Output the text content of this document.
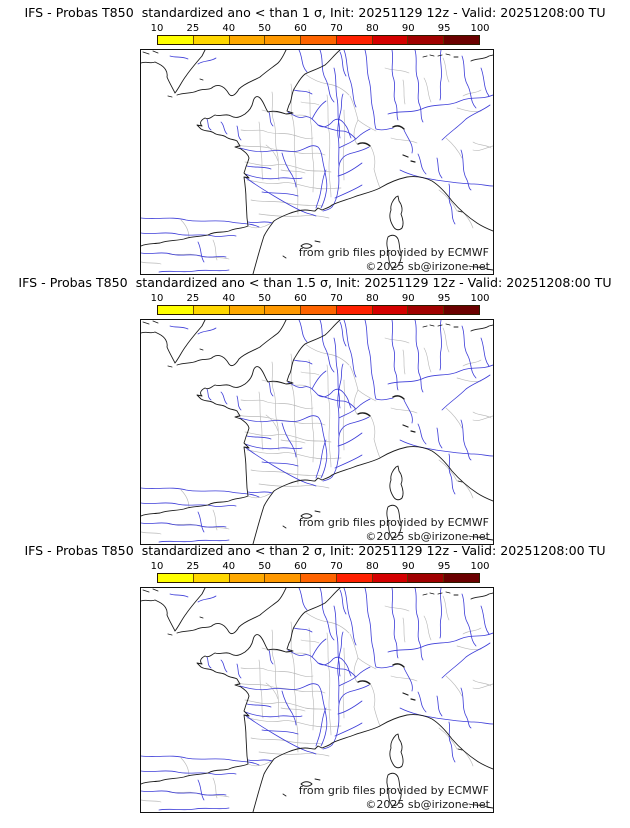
IFS - Probas T850  standardized ano < than 1 σ, Init: 20251129 12z - Valid: 20251208:00 TU
10 25 40 50 60 70 80 90 95 100
from grib files provided by ECMWF
©2025 sb@irizone.net
IFS - Probas T850  standardized ano < than 1.5 σ, Init: 20251129 12z - Valid: 20251208:00 TU
10 25 40 50 60 70 80 90 95 100
from grib files provided by ECMWF
©2025 sb@irizone.net
IFS - Probas T850  standardized ano < than 2 σ, Init: 20251129 12z - Valid: 20251208:00 TU
10 25 40 50 60 70 80 90 95 100
from grib files provided by ECMWF
©2025 sb@irizone.net
